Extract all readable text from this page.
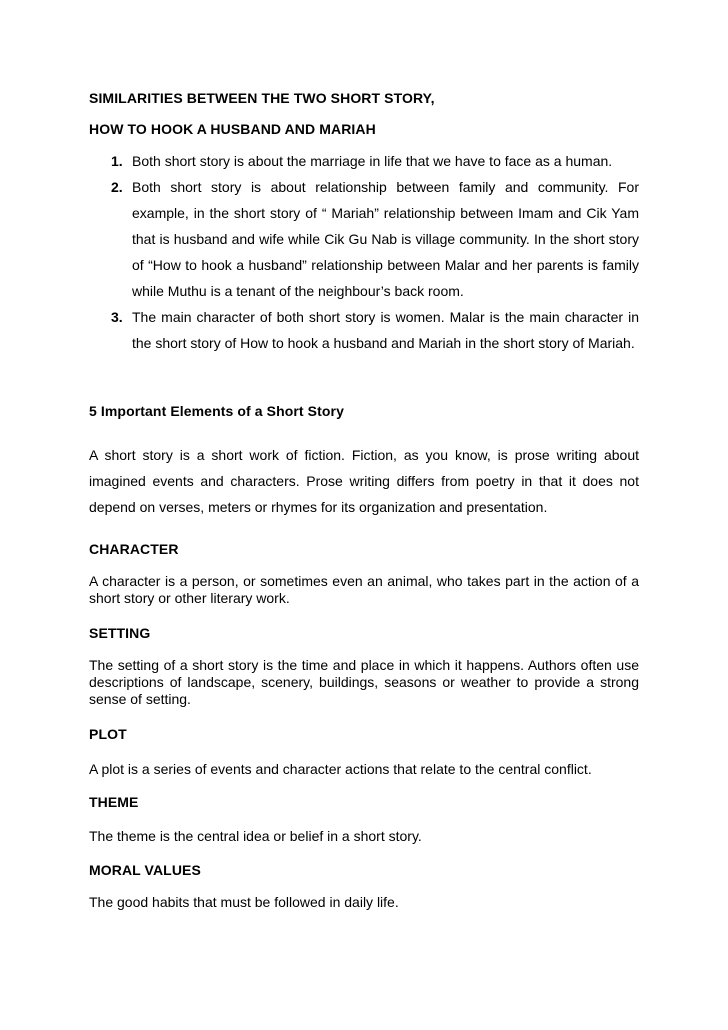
SIMILARITIES BETWEEN THE TWO SHORT STORY,
HOW TO HOOK A HUSBAND AND MARIAH
1. Both short story is about the marriage in life that we have to face as a human.
2. Both short story is about relationship between family and community. For example, in the short story of “ Mariah” relationship between Imam and Cik Yam that is husband and wife while Cik Gu Nab is village community. In the short story of “How to hook a husband” relationship between Malar and her parents is family while Muthu is a tenant of the neighbour’s back room.
3. The main character of both short story is women. Malar is the main character in the short story of How to hook a husband and Mariah in the short story of Mariah.
5 Important Elements of a Short Story

A short story is a short work of fiction. Fiction, as you know, is prose writing about imagined events and characters. Prose writing differs from poetry in that it does not depend on verses, meters or rhymes for its organization and presentation.

CHARACTER

A character is a person, or sometimes even an animal, who takes part in the action of a short story or other literary work.

SETTING

The setting of a short story is the time and place in which it happens. Authors often use descriptions of landscape, scenery, buildings, seasons or weather to provide a strong sense of setting.

PLOT

A plot is a series of events and character actions that relate to the central conflict.

THEME

The theme is the central idea or belief in a short story.

MORAL VALUES

The good habits that must be followed in daily life.
